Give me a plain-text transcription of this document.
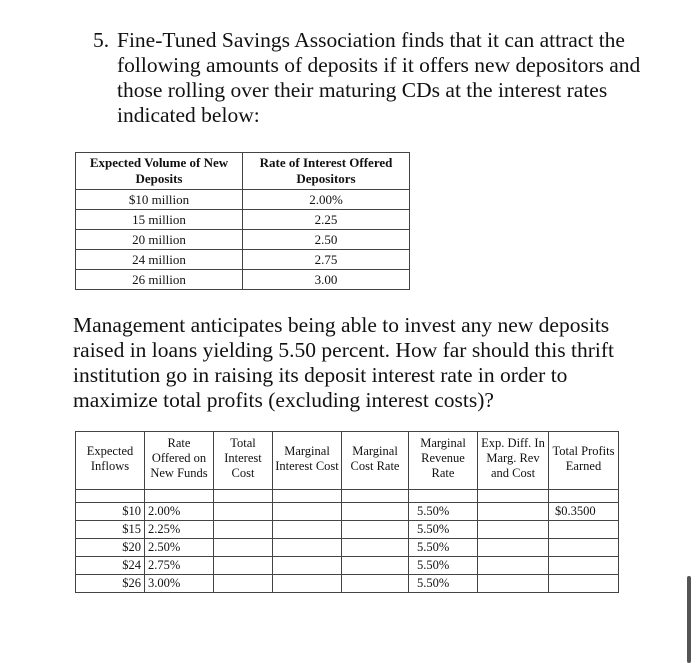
5. Fine-Tuned Savings Association finds that it can attract the following amounts of deposits if it offers new depositors and those rolling over their maturing CDs at the interest rates indicated below:
Expected Volume of New Deposits	Rate of Interest Offered Depositors
$10 million	2.00%
15 million	2.25
20 million	2.50
24 million	2.75
26 million	3.00
Management anticipates being able to invest any new deposits raised in loans yielding 5.50 percent. How far should this thrift institution go in raising its deposit interest rate in order to maximize total profits (excluding interest costs)?
Expected Inflows	Rate Offered on New Funds	Total Interest Cost	Marginal Interest Cost	Marginal Cost Rate	Marginal Revenue Rate	Exp. Diff. In Marg. Rev and Cost	Total Profits Earned

$10	2.00%				5.50%		$0.3500
$15	2.25%				5.50%		
$20	2.50%				5.50%		
$24	2.75%				5.50%		
$26	3.00%				5.50%		
